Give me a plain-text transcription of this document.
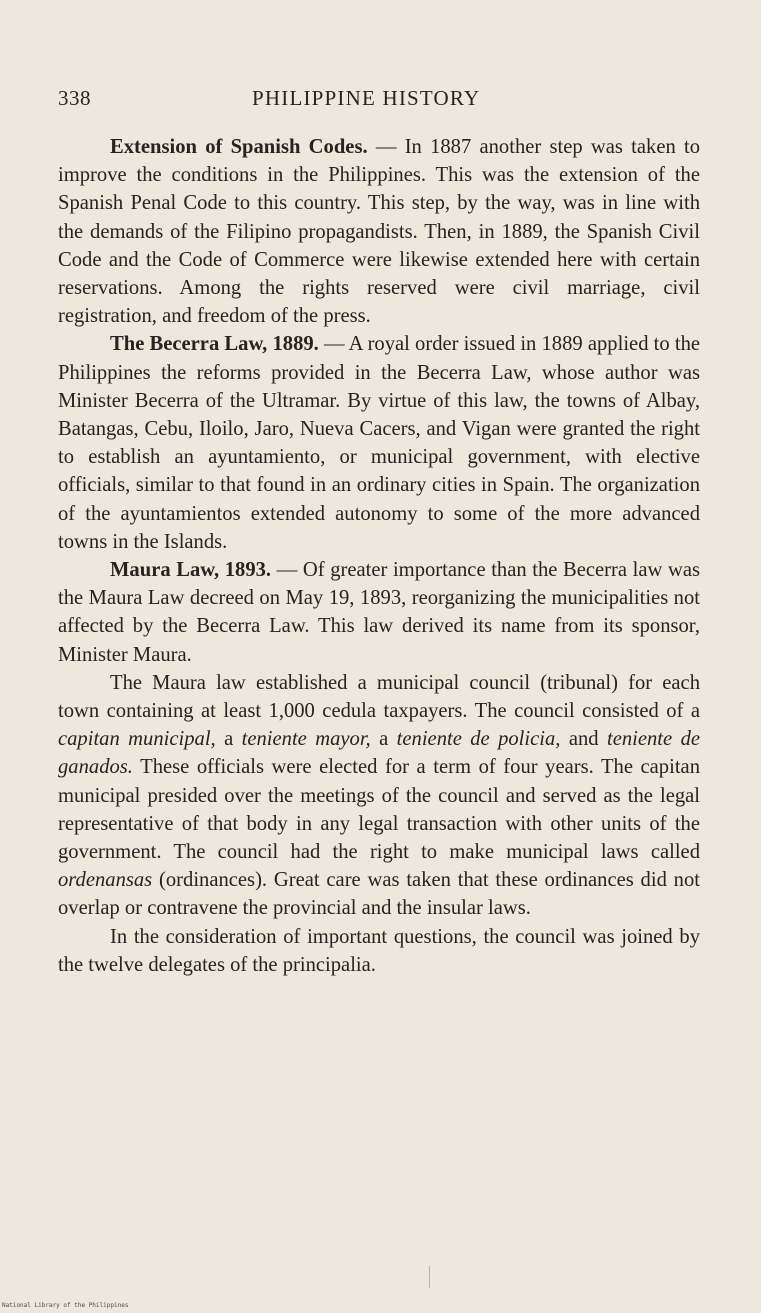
338	PHILIPPINE HISTORY

Extension of Spanish Codes. — In 1887 another step was taken to improve the conditions in the Philippines. This was the extension of the Spanish Penal Code to this country. This step, by the way, was in line with the demands of the Filipino propagandists. Then, in 1889, the Spanish Civil Code and the Code of Commerce were likewise extended here with certain reservations. Among the rights reserved were civil marriage, civil registration, and freedom of the press.

The Becerra Law, 1889. — A royal order issued in 1889 applied to the Philippines the reforms provided in the Becerra Law, whose author was Minister Becerra of the Ultramar. By virtue of this law, the towns of Albay, Batangas, Cebu, Iloilo, Jaro, Nueva Cacers, and Vigan were granted the right to establish an ayuntamiento, or municipal government, with elective officials, similar to that found in an ordinary cities in Spain. The organization of the ayuntamientos extended autonomy to some of the more advanced towns in the Islands.

Maura Law, 1893. — Of greater importance than the Becerra law was the Maura Law decreed on May 19, 1893, reorganizing the municipalities not affected by the Becerra Law. This law derived its name from its sponsor, Minister Maura.

The Maura law established a municipal council (tribunal) for each town containing at least 1,000 cedula taxpayers. The council consisted of a capitan municipal, a teniente mayor, a teniente de policia, and teniente de ganados. These officials were elected for a term of four years. The capitan municipal presided over the meetings of the council and served as the legal representative of that body in any legal transaction with other units of the government. The council had the right to make municipal laws called ordenansas (ordinances). Great care was taken that these ordinances did not overlap or contravene the provincial and the insular laws.

In the consideration of important questions, the council was joined by the twelve delegates of the principalia.

National Library of the Philippines
